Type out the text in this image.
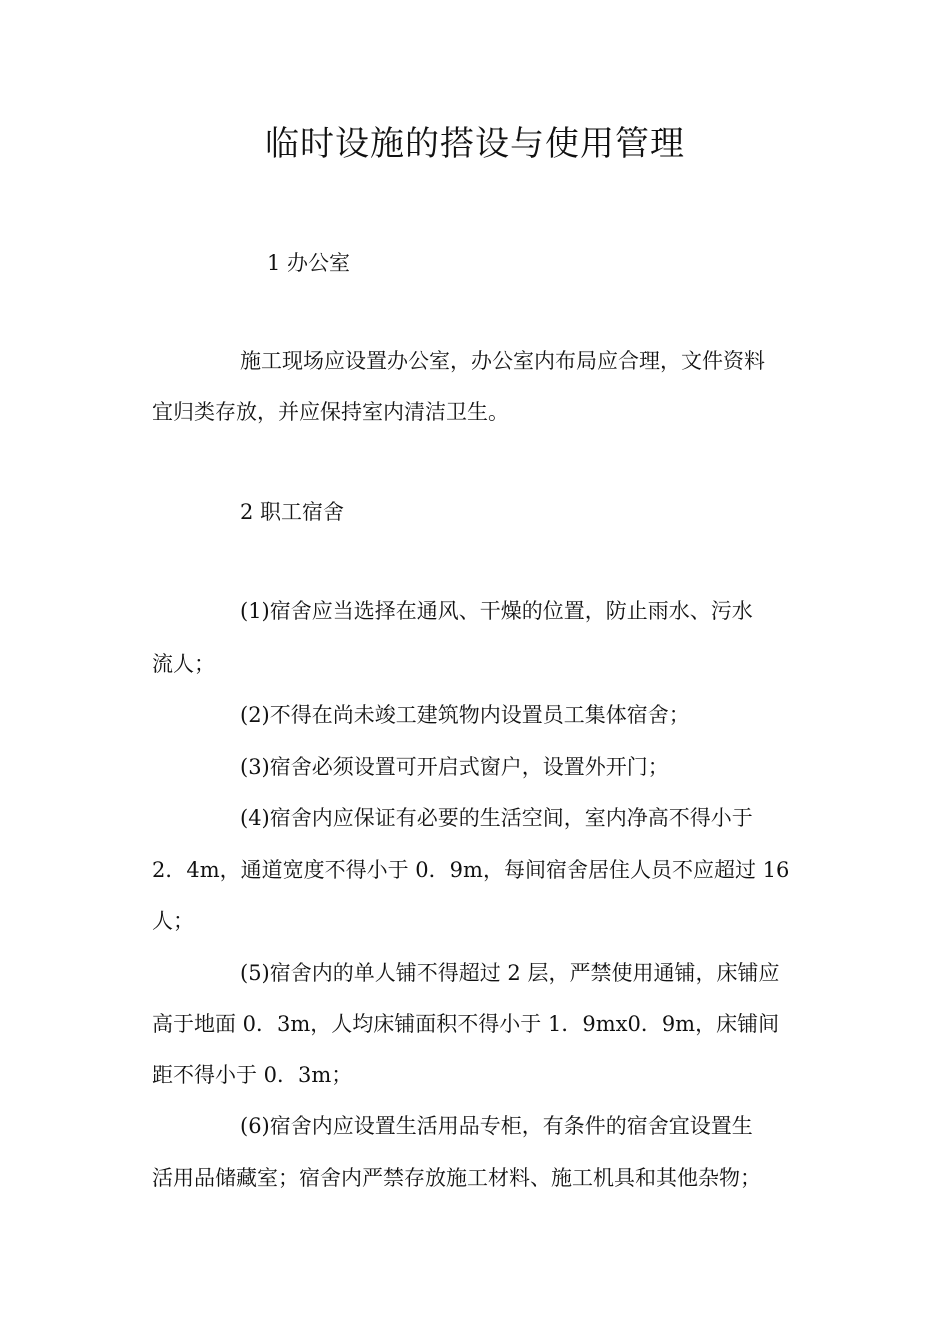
临时设施的搭设与使用管理
1 办公室
施工现场应设置办公室，办公室内布局应合理，文件资料
宜归类存放，并应保持室内清洁卫生。
2 职工宿舍
(1)宿舍应当选择在通风、干燥的位置，防止雨水、污水
流人；
(2)不得在尚未竣工建筑物内设置员工集体宿舍；
(3)宿舍必须设置可开启式窗户，设置外开门；
(4)宿舍内应保证有必要的生活空间，室内净高不得小于
2．4m，通道宽度不得小于 0．9m，每间宿舍居住人员不应超过 16
人；
(5)宿舍内的单人铺不得超过 2 层，严禁使用通铺，床铺应
高于地面 0．3m，人均床铺面积不得小于 1．9mx0．9m，床铺间
距不得小于 0．3m；
(6)宿舍内应设置生活用品专柜，有条件的宿舍宜设置生
活用品储藏室；宿舍内严禁存放施工材料、施工机具和其他杂物；
